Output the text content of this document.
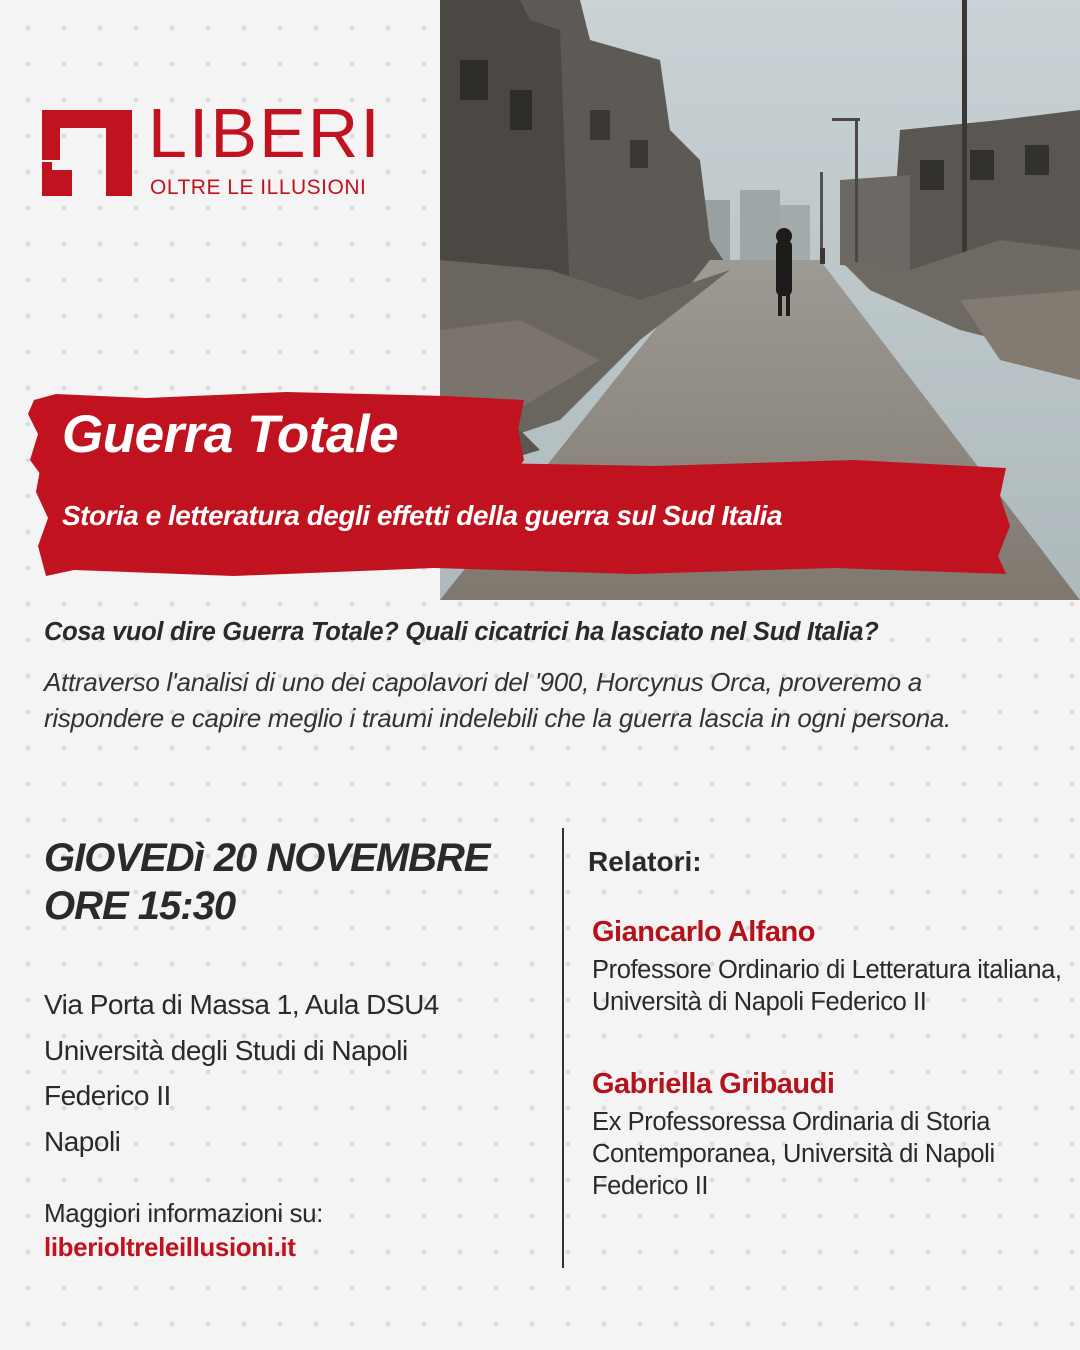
LIBERI
OLTRE LE ILLUSIONI
Guerra Totale
Storia e letteratura degli effetti della guerra sul Sud Italia
Cosa vuol dire Guerra Totale? Quali cicatrici ha lasciato nel Sud Italia?
Attraverso l'analisi di uno dei capolavori del '900, Horcynus Orca, proveremo a rispondere e capire meglio i traumi indelebili che la guerra lascia in ogni persona.
GIOVEDì 20 NOVEMBRE
ORE 15:30
Via Porta di Massa 1, Aula DSU4
Università degli Studi di Napoli
Federico II
Napoli
Maggiori informazioni su:
liberioltreleillusioni.it
Relatori:
Giancarlo Alfano
Professore Ordinario di Letteratura italiana, Università di Napoli Federico II
Gabriella Gribaudi
Ex Professoressa Ordinaria di Storia Contemporanea, Università di Napoli Federico II
